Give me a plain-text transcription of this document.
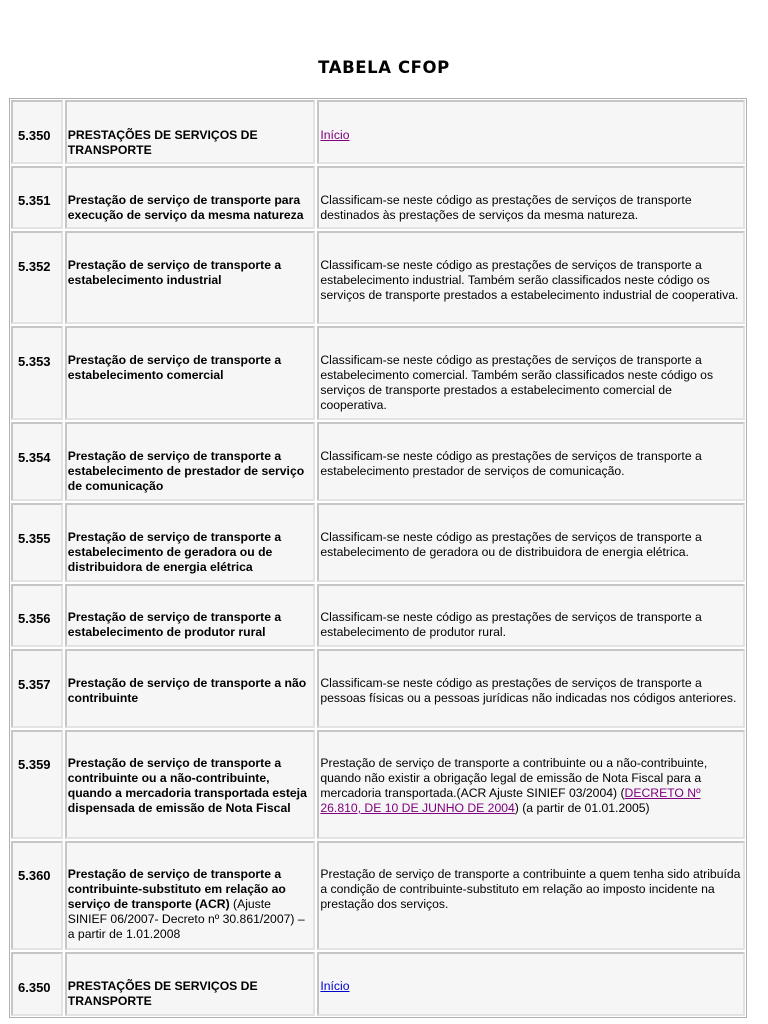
TABELA CFOP
5.350	PRESTAÇÕES DE SERVIÇOS DE TRANSPORTE
Início
5.351	Prestação de serviço de transporte para execução de serviço da mesma natureza
Classificam-se neste código as prestações de serviços de transporte destinados às prestações de serviços da mesma natureza.
5.352	Prestação de serviço de transporte a estabelecimento industrial
Classificam-se neste código as prestações de serviços de transporte a estabelecimento industrial. Também serão classificados neste código os serviços de transporte prestados a estabelecimento industrial de cooperativa.
5.353	Prestação de serviço de transporte a estabelecimento comercial
Classificam-se neste código as prestações de serviços de transporte a estabelecimento comercial. Também serão classificados neste código os serviços de transporte prestados a estabelecimento comercial de cooperativa.
5.354	Prestação de serviço de transporte a estabelecimento de prestador de serviço de comunicação
Classificam-se neste código as prestações de serviços de transporte a estabelecimento prestador de serviços de comunicação.
5.355	Prestação de serviço de transporte a estabelecimento de geradora ou de distribuidora de energia elétrica
Classificam-se neste código as prestações de serviços de transporte a estabelecimento de geradora ou de distribuidora de energia elétrica.
5.356	Prestação de serviço de transporte a estabelecimento de produtor rural
Classificam-se neste código as prestações de serviços de transporte a estabelecimento de produtor rural.
5.357	Prestação de serviço de transporte a não contribuinte
Classificam-se neste código as prestações de serviços de transporte a pessoas físicas ou a pessoas jurídicas não indicadas nos códigos anteriores.
5.359	Prestação de serviço de transporte a contribuinte ou a não-contribuinte, quando a mercadoria transportada esteja dispensada de emissão de Nota Fiscal
Prestação de serviço de transporte a contribuinte ou a não-contribuinte, quando não existir a obrigação legal de emissão de Nota Fiscal para a mercadoria transportada.(ACR Ajuste SINIEF 03/2004) (DECRETO Nº 26.810, DE 10 DE JUNHO DE 2004) (a partir de 01.01.2005)
5.360	Prestação de serviço de transporte a contribuinte-substituto em relação ao serviço de transporte (ACR) (Ajuste SINIEF 06/2007- Decreto nº 30.861/2007) – a partir de 1.01.2008
Prestação de serviço de transporte a contribuinte a quem tenha sido atribuída a condição de contribuinte-substituto em relação ao imposto incidente na prestação dos serviços.
6.350	PRESTAÇÕES DE SERVIÇOS DE TRANSPORTE
Início
